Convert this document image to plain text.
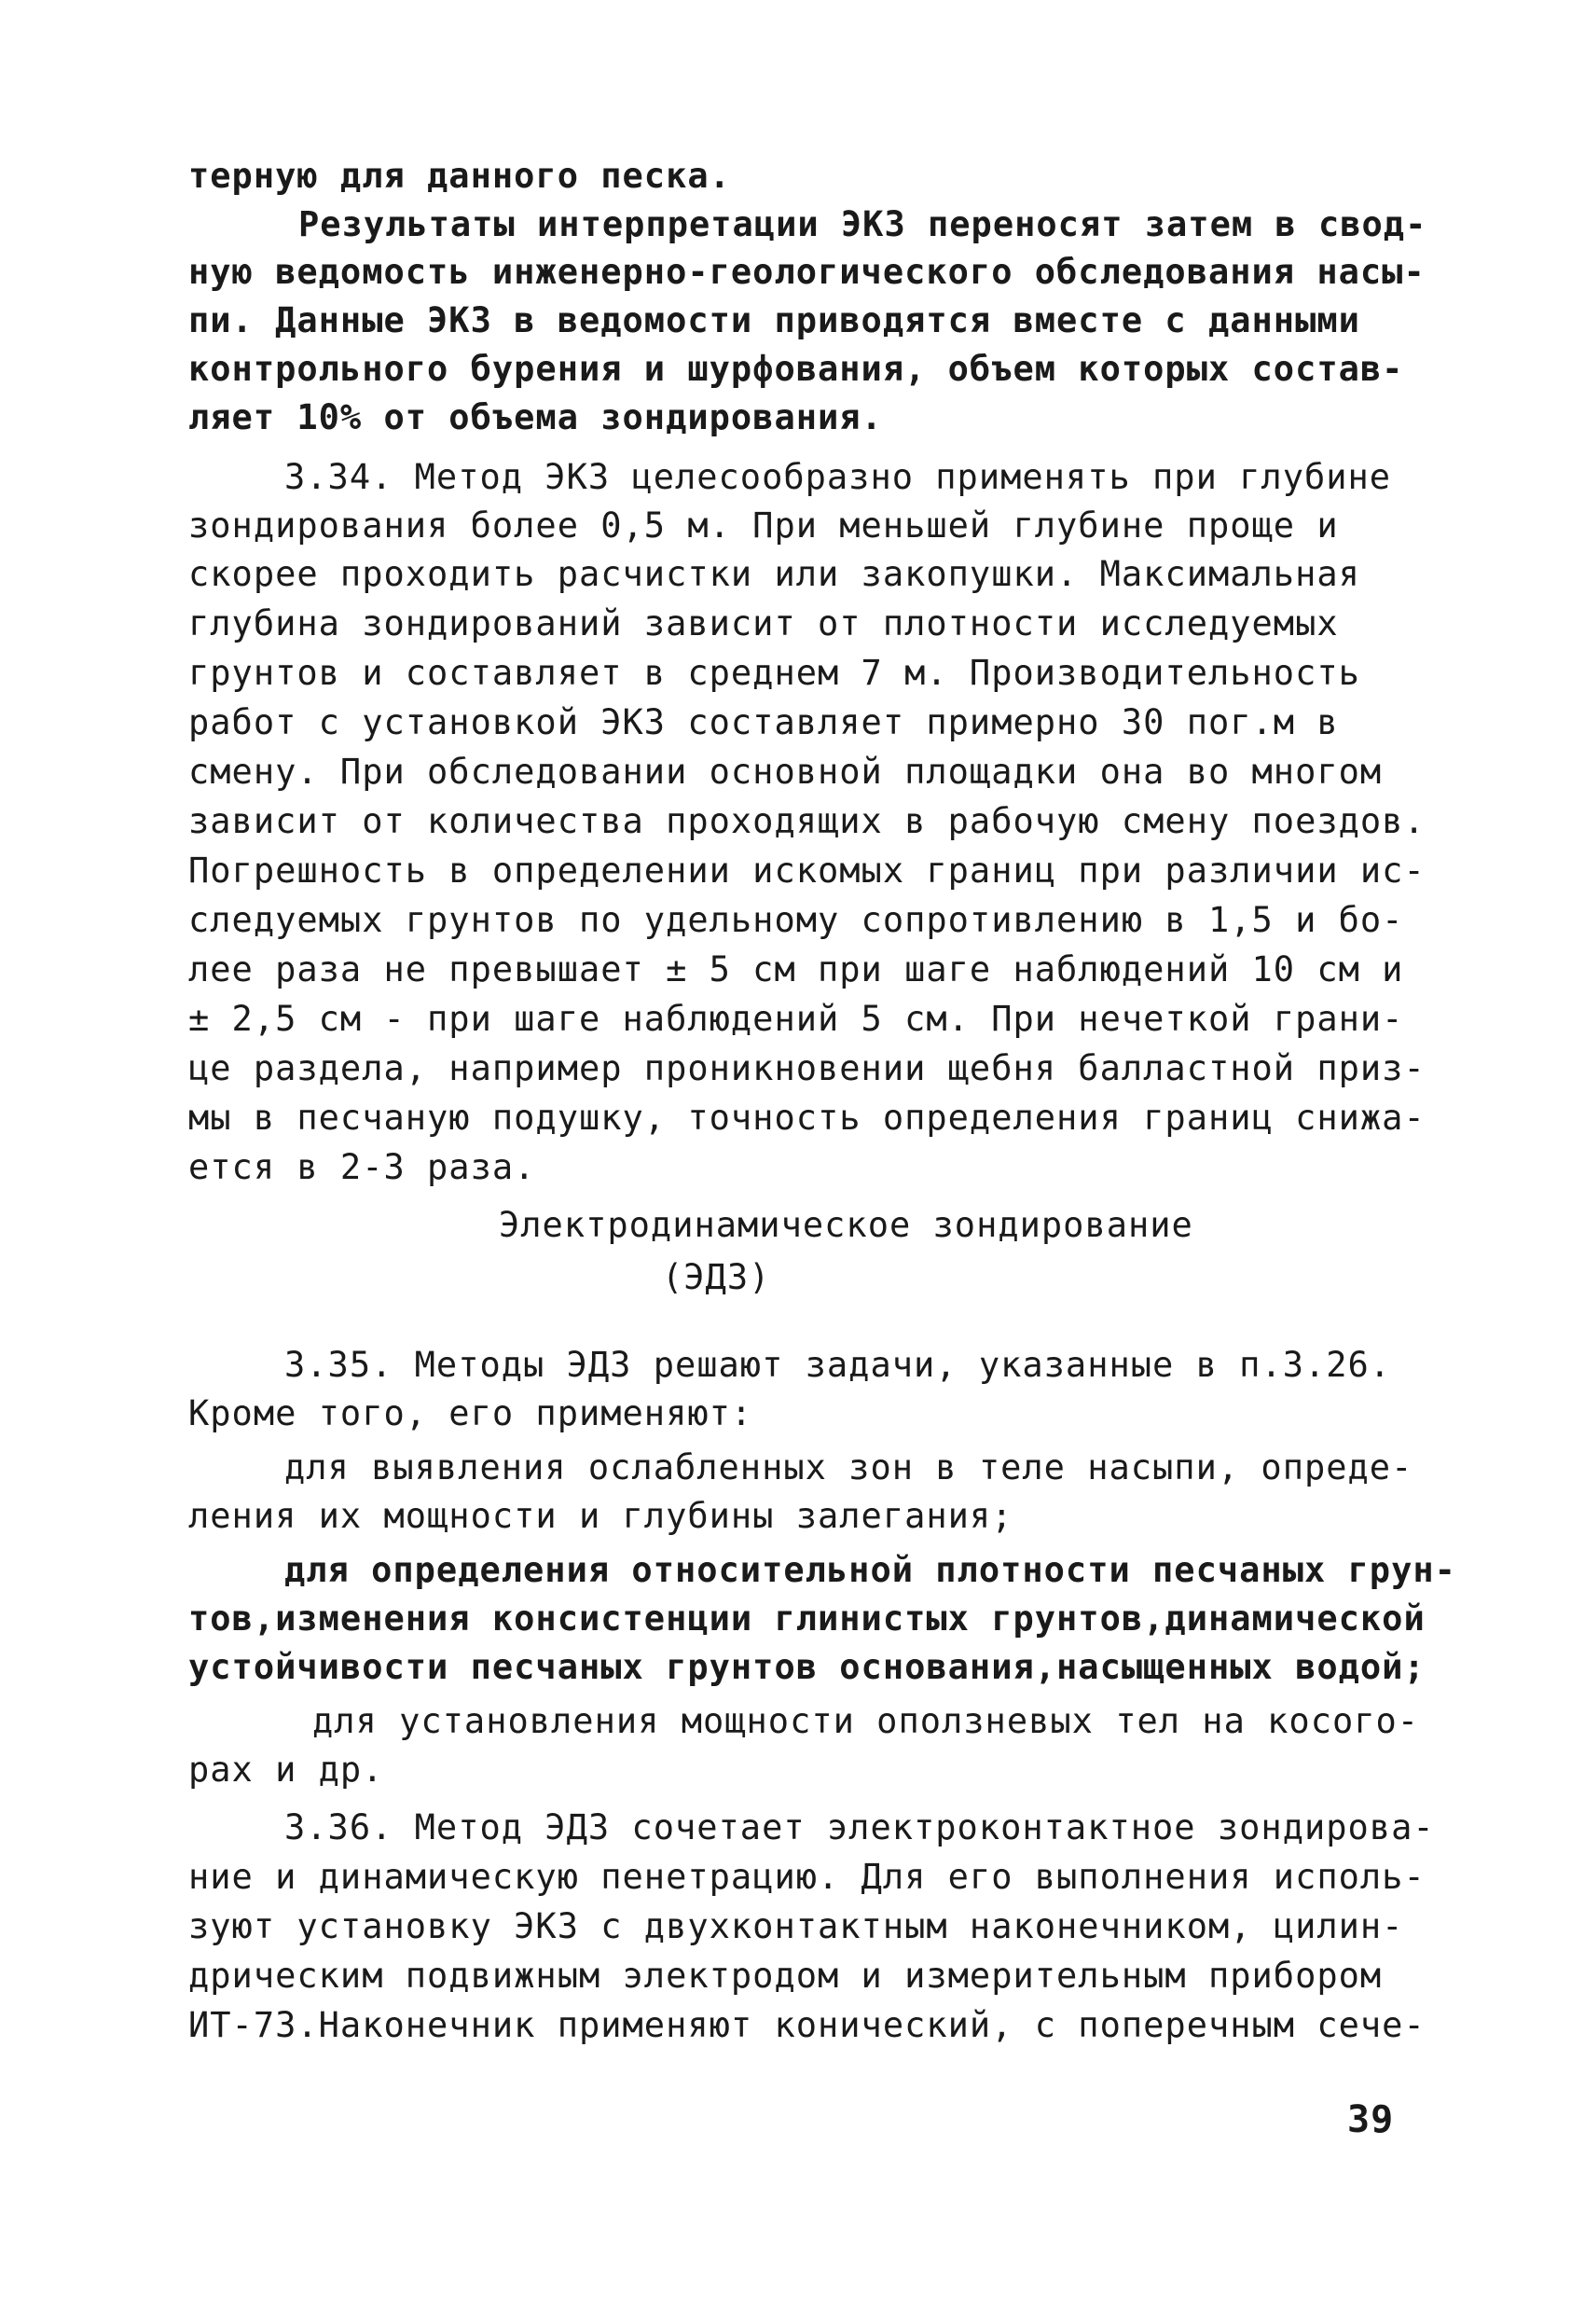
терную для данного песка.
Результаты интерпретации ЭКЗ переносят затем в свод-
ную ведомость инженерно-геологического обследования насы-
пи. Данные ЭКЗ в ведомости приводятся вместе с данными
контрольного бурения и шурфования, объем которых состав-
ляет 10% от объема зондирования.
3.34. Метод ЭКЗ целесообразно применять при глубине
зондирования более 0,5 м. При меньшей глубине проще и
скорее проходить расчистки или закопушки. Максимальная
глубина зондирований зависит от плотности исследуемых
грунтов и составляет в среднем 7 м. Производительность
работ с установкой ЭКЗ составляет примерно 30 пог.м в
смену. При обследовании основной площадки она во многом
зависит от количества проходящих в рабочую смену поездов.
Погрешность в определении искомых границ при различии ис-
следуемых грунтов по удельному сопротивлению в 1,5 и бо-
лее раза не превышает ± 5 см при шаге наблюдений 10 см и
± 2,5 см - при шаге наблюдений 5 см. При нечеткой грани-
це раздела, например проникновении щебня балластной приз-
мы в песчаную подушку, точность определения границ снижа-
ется в 2-3 раза.
Электродинамическое зондирование
(ЭДЗ)
3.35. Методы ЭДЗ решают задачи, указанные в п.3.26.
Кроме того, его применяют:
для выявления ослабленных зон в теле насыпи, опреде-
ления их мощности и глубины залегания;
для определения относительной плотности песчаных грун-
тов,изменения консистенции глинистых грунтов,динамической
устойчивости песчаных грунтов основания,насыщенных водой;
для установления мощности оползневых тел на косого-
рах и др.
3.36. Метод ЭДЗ сочетает электроконтактное зондирова-
ние и динамическую пенетрацию. Для его выполнения исполь-
зуют установку ЭКЗ с двухконтактным наконечником, цилин-
дрическим подвижным электродом и измерительным прибором
ИТ-73.Наконечник применяют конический, с поперечным сече-
39
